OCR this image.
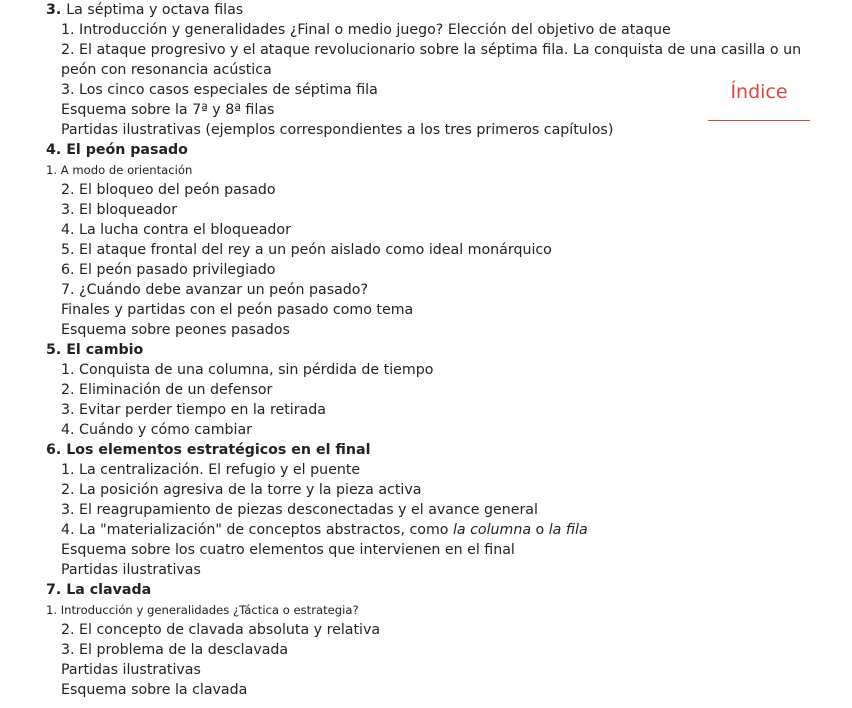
3. La séptima y octava filas
1. Introducción y generalidades ¿Final o medio juego? Elección del objetivo de ataque
2. El ataque progresivo y el ataque revolucionario sobre la séptima fila. La conquista de una casilla o un peón con resonancia acústica
3. Los cinco casos especiales de séptima fila
Esquema sobre la 7ª y 8ª filas
Partidas ilustrativas (ejemplos correspondientes a los tres primeros capítulos)
4. El peón pasado
1. A modo de orientación
2. El bloqueo del peón pasado
3. El bloqueador
4. La lucha contra el bloqueador
5. El ataque frontal del rey a un peón aislado como ideal monárquico
6. El peón pasado privilegiado
7. ¿Cuándo debe avanzar un peón pasado?
Finales y partidas con el peón pasado como tema
Esquema sobre peones pasados
5. El cambio
1. Conquista de una columna, sin pérdida de tiempo
2. Eliminación de un defensor
3. Evitar perder tiempo en la retirada
4. Cuándo y cómo cambiar
6. Los elementos estratégicos en el final
1. La centralización. El refugio y el puente
2. La posición agresiva de la torre y la pieza activa
3. El reagrupamiento de piezas desconectadas y el avance general
4. La "materialización" de conceptos abstractos, como la columna o la fila
Esquema sobre los cuatro elementos que intervienen en el final
Partidas ilustrativas
7. La clavada
1. Introducción y generalidades ¿Táctica o estrategia?
2. El concepto de clavada absoluta y relativa
3. El problema de la desclavada
Partidas ilustrativas
Esquema sobre la clavada
Índice
